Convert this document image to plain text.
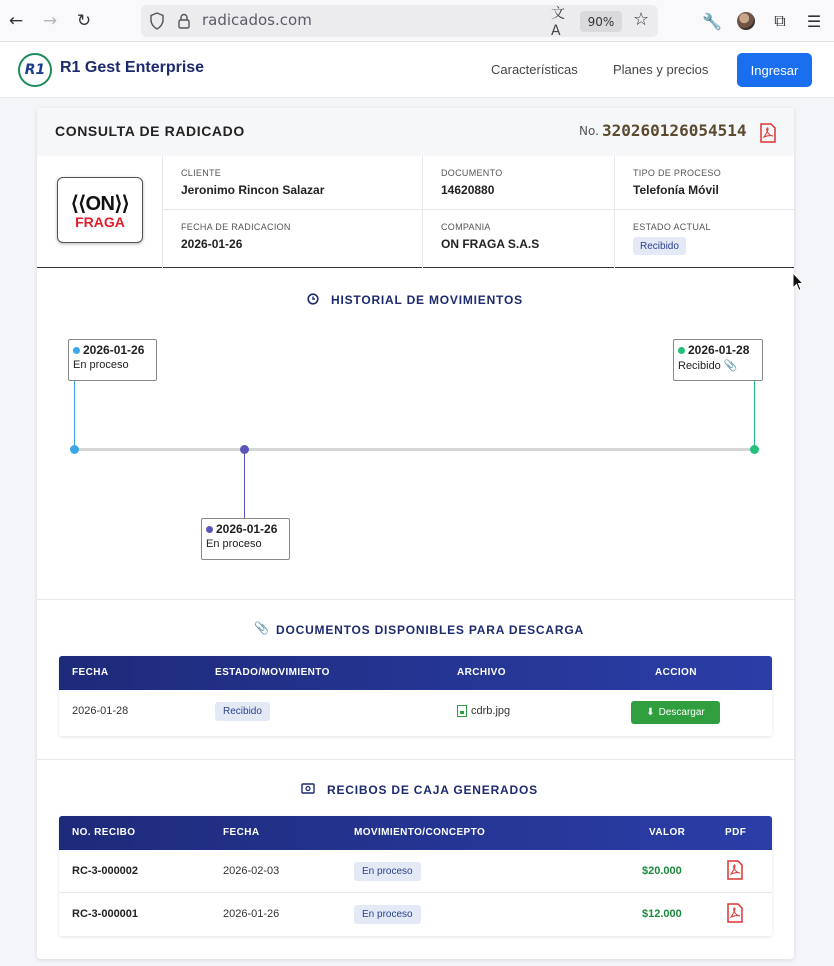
← → ↻	radicados.com	文A
90%	☆	🔧	⧉	☰
R1 R1 Gest Enterprise	Características	Planes y precios	Ingresar
CONSULTA DE RADICADO	No. 320260126054514
⟨⟨ON⟩⟩
FRAGA
CLIENTE
Jeronimo Rincon Salazar
DOCUMENTO
14620880
TIPO DE PROCESO
Telefonía Móvil
FECHA DE RADICACION
2026-01-26
COMPANIA
ON FRAGA S.A.S
ESTADO ACTUAL
Recibido
HISTORIAL DE MOVIMIENTOS
2026-01-26
En proceso
2026-01-26
En proceso
2026-01-28
Recibido 📎
📎 DOCUMENTOS DISPONIBLES PARA DESCARGA
FECHA	ESTADO/MOVIMIENTO	ARCHIVO	ACCION
2026-01-28	Recibido	cdrb.jpg	⬇ Descargar
RECIBOS DE CAJA GENERADOS
NO. RECIBO	FECHA	MOVIMIENTO/CONCEPTO	VALOR	PDF
RC-3-000002	2026-02-03	En proceso	$20.000
RC-3-000001	2026-01-26	En proceso	$12.000
